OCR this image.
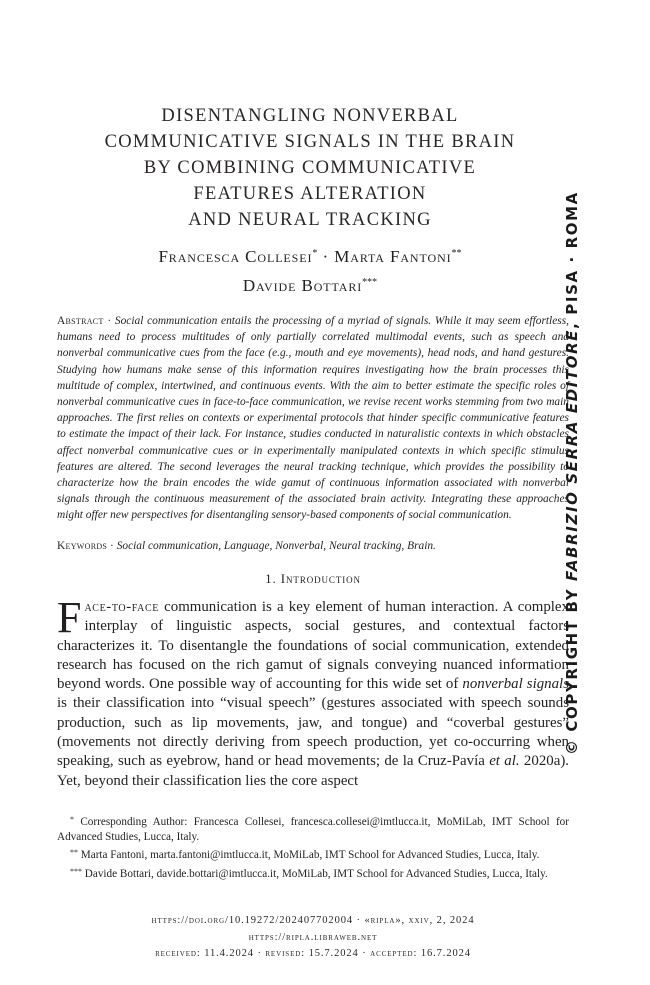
DISENTANGLING NONVERBAL
COMMUNICATIVE SIGNALS IN THE BRAIN
BY COMBINING COMMUNICATIVE
FEATURES ALTERATION
AND NEURAL TRACKING
Francesca Collesei* · Marta Fantoni**
Davide Bottari***

Abstract · Social communication entails the processing of a myriad of signals. While it may seem effortless, humans need to process multitudes of only partially correlated multimodal events, such as speech and nonverbal communicative cues from the face (e.g., mouth and eye movements), head nods, and hand gestures. Studying how humans make sense of this information requires investigating how the brain processes this multitude of complex, intertwined, and continuous events. With the aim to better estimate the specific roles of nonverbal communicative cues in face-to-face communication, we revise recent works stemming from two main approaches. The first relies on contexts or experimental protocols that hinder specific communicative features to estimate the impact of their lack. For instance, studies conducted in naturalistic contexts in which obstacles affect nonverbal communicative cues or in experimentally manipulated contexts in which specific stimulus features are altered. The second leverages the neural tracking technique, which provides the possibility to characterize how the brain encodes the wide gamut of continuous information associated with nonverbal signals through the continuous measurement of the associated brain activity. Integrating these approaches might offer new perspectives for disentangling sensory-based components of social communication.

Keywords · Social communication, Language, Nonverbal, Neural tracking, Brain.

1. Introduction

Face-to-face communication is a key element of human interaction. A complex interplay of linguistic aspects, social gestures, and contextual factors characterizes it. To disentangle the foundations of social communication, extended research has focused on the rich gamut of signals conveying nuanced information beyond words. One possible way of accounting for this wide set of nonverbal signals is their classification into “visual speech” (gestures associated with speech sounds production, such as lip movements, jaw, and tongue) and “coverbal gestures” (movements not directly deriving from speech production, yet co-occurring when speaking, such as eyebrow, hand or head movements; de la Cruz-Pavía et al. 2020a). Yet, beyond their classification lies the core aspect

* Corresponding Author: Francesca Collesei, francesca.collesei@imtlucca.it, MoMiLab, IMT School for Advanced Studies, Lucca, Italy.

** Marta Fantoni, marta.fantoni@imtlucca.it, MoMiLab, IMT School for Advanced Studies, Lucca, Italy.

*** Davide Bottari, davide.bottari@imtlucca.it, MoMiLab, IMT School for Advanced Studies, Lucca, Italy.

https://doi.org/10.19272/202407702004 · «ripla», xxiv, 2, 2024
https://ripla.libraweb.net
received: 11.4.2024 · revised: 15.7.2024 · accepted: 16.7.2024
© COPYRIGHT BY FABRIZIO SERRA EDITORE, PISA · ROMA
